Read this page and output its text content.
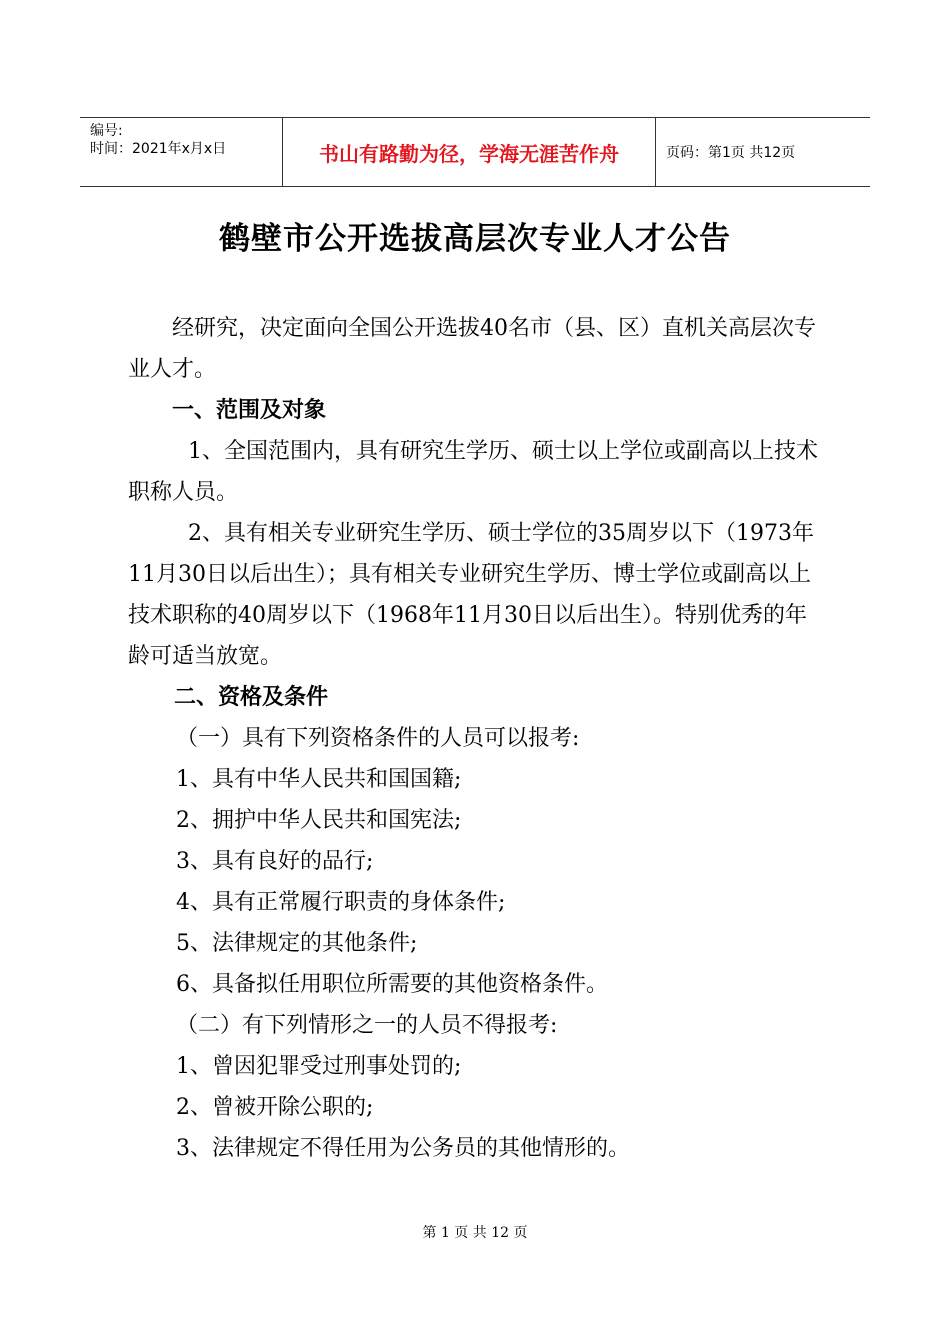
编号:
时间：2021年x月x日	书山有路勤为径，学海无涯苦作舟	页码：第1页 共12页
鹤壁市公开选拔高层次专业人才公告

经研究，决定面向全国公开选拔40名市（县、区）直机关高层次专业人才。

一、范围及对象

1、全国范围内，具有研究生学历、硕士以上学位或副高以上技术职称人员。

2、具有相关专业研究生学历、硕士学位的35周岁以下（1973年11月30日以后出生）；具有相关专业研究生学历、博士学位或副高以上技术职称的40周岁以下（1968年11月30日以后出生）。特别优秀的年龄可适当放宽。

二、资格及条件

（一）具有下列资格条件的人员可以报考:

1、具有中华人民共和国国籍;

2、拥护中华人民共和国宪法;

3、具有良好的品行;

4、具有正常履行职责的身体条件;

5、法律规定的其他条件;

6、具备拟任用职位所需要的其他资格条件。

（二）有下列情形之一的人员不得报考:

1、曾因犯罪受过刑事处罚的;

2、曾被开除公职的;

3、法律规定不得任用为公务员的其他情形的。

第 1 页 共 12 页
